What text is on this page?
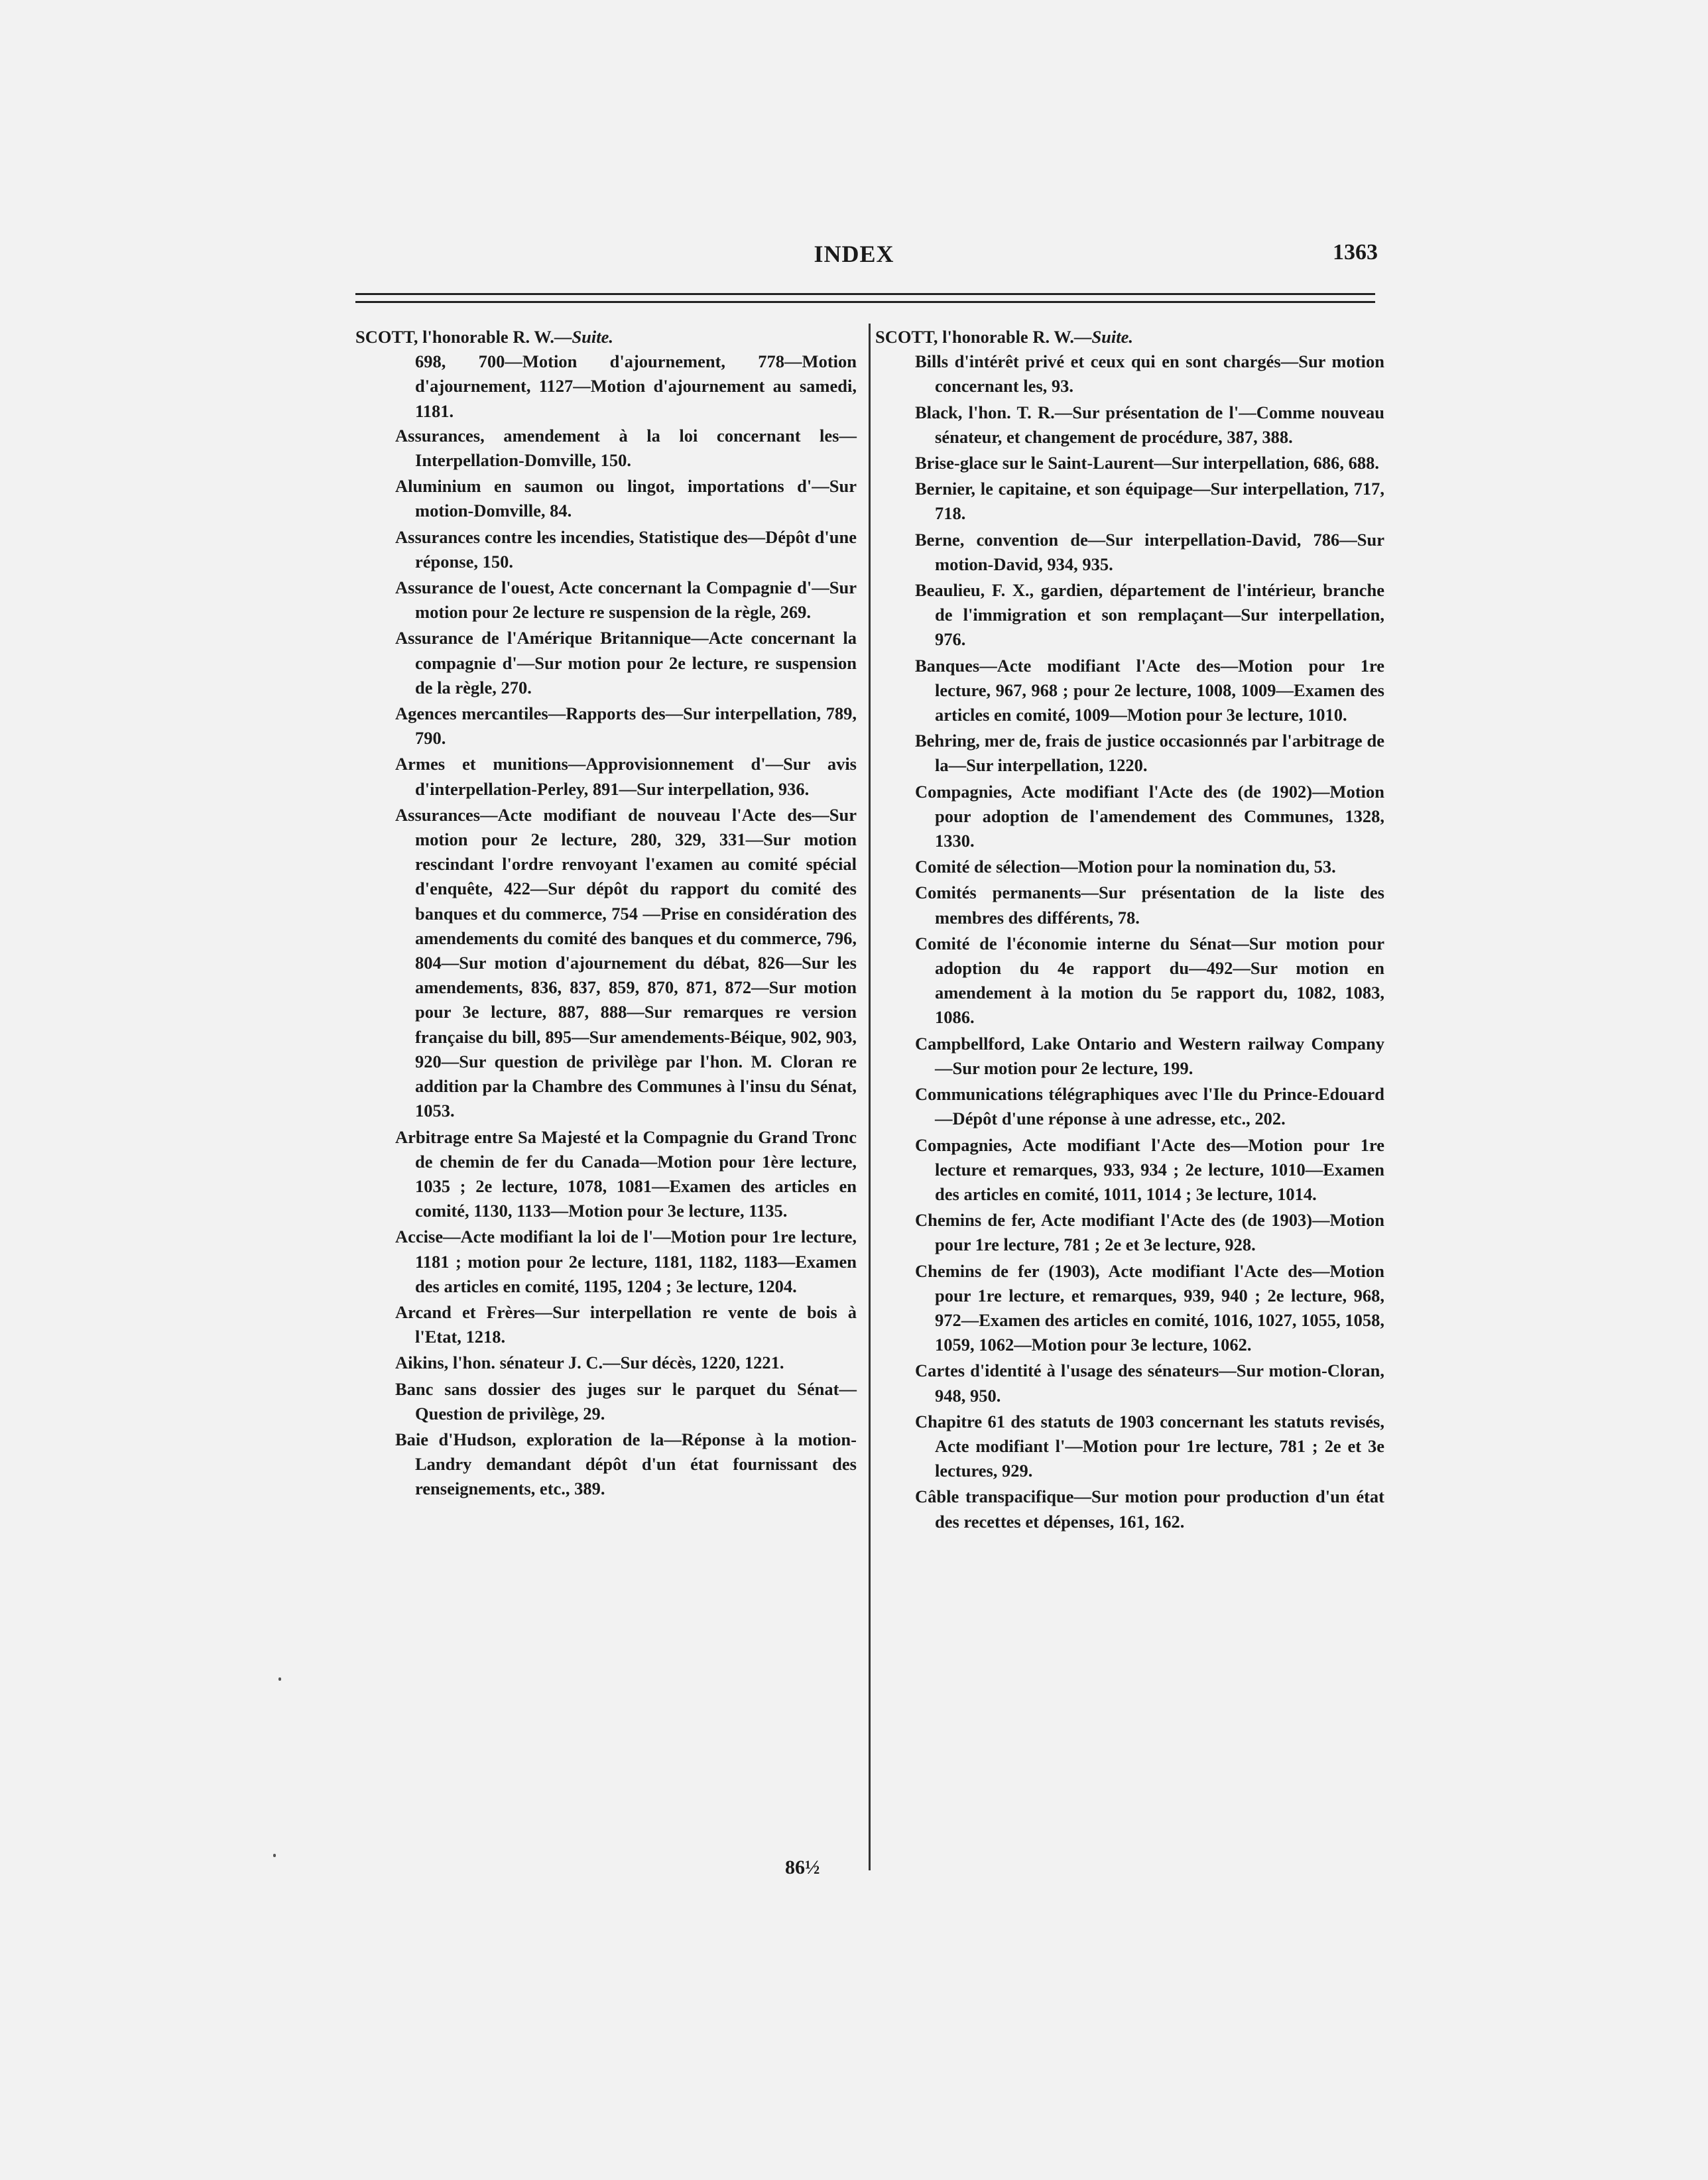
INDEX	1363
SCOTT, l'honorable R. W.—Suite.
698, 700—Motion d'ajournement, 778—Motion d'ajournement, 1127—Motion d'ajournement au samedi, 1181.
Assurances, amendement à la loi concernant les—Interpellation-Domville, 150.
Aluminium en saumon ou lingot, importations d'—Sur motion-Domville, 84.
Assurances contre les incendies, Statistique des—Dépôt d'une réponse, 150.
Assurance de l'ouest, Acte concernant la Compagnie d'—Sur motion pour 2e lecture re suspension de la règle, 269.
Assurance de l'Amérique Britannique—Acte concernant la compagnie d'—Sur motion pour 2e lecture, re suspension de la règle, 270.
Agences mercantiles—Rapports des—Sur interpellation, 789, 790.
Armes et munitions—Approvisionnement d'—Sur avis d'interpellation-Perley, 891—Sur interpellation, 936.
Assurances—Acte modifiant de nouveau l'Acte des—Sur motion pour 2e lecture, 280, 329, 331—Sur motion rescindant l'ordre renvoyant l'examen au comité spécial d'enquête, 422—Sur dépôt du rapport du comité des banques et du commerce, 754 —Prise en considération des amendements du comité des banques et du commerce, 796, 804—Sur motion d'ajournement du débat, 826—Sur les amendements, 836, 837, 859, 870, 871, 872—Sur motion pour 3e lecture, 887, 888—Sur remarques re version française du bill, 895—Sur amendements-Béique, 902, 903, 920—Sur question de privilège par l'hon. M. Cloran re addition par la Chambre des Communes à l'insu du Sénat, 1053.
Arbitrage entre Sa Majesté et la Compagnie du Grand Tronc de chemin de fer du Canada—Motion pour 1ère lecture, 1035 ; 2e lecture, 1078, 1081—Examen des articles en comité, 1130, 1133—Motion pour 3e lecture, 1135.
Accise—Acte modifiant la loi de l'—Motion pour 1re lecture, 1181 ; motion pour 2e lecture, 1181, 1182, 1183—Examen des articles en comité, 1195, 1204 ; 3e lecture, 1204.
Arcand et Frères—Sur interpellation re vente de bois à l'Etat, 1218.
Aikins, l'hon. sénateur J. C.—Sur décès, 1220, 1221.
Banc sans dossier des juges sur le parquet du Sénat—Question de privilège, 29.
Baie d'Hudson, exploration de la—Réponse à la motion-Landry demandant dépôt d'un état fournissant des renseignements, etc., 389.
SCOTT, l'honorable R. W.—Suite.
Bills d'intérêt privé et ceux qui en sont chargés—Sur motion concernant les, 93.
Black, l'hon. T. R.—Sur présentation de l'—Comme nouveau sénateur, et changement de procédure, 387, 388.
Brise-glace sur le Saint-Laurent—Sur interpellation, 686, 688.
Bernier, le capitaine, et son équipage—Sur interpellation, 717, 718.
Berne, convention de—Sur interpellation-David, 786—Sur motion-David, 934, 935.
Beaulieu, F. X., gardien, département de l'intérieur, branche de l'immigration et son remplaçant—Sur interpellation, 976.
Banques—Acte modifiant l'Acte des—Motion pour 1re lecture, 967, 968 ; pour 2e lecture, 1008, 1009—Examen des articles en comité, 1009—Motion pour 3e lecture, 1010.
Behring, mer de, frais de justice occasionnés par l'arbitrage de la—Sur interpellation, 1220.
Compagnies, Acte modifiant l'Acte des (de 1902)—Motion pour adoption de l'amendement des Communes, 1328, 1330.
Comité de sélection—Motion pour la nomination du, 53.
Comités permanents—Sur présentation de la liste des membres des différents, 78.
Comité de l'économie interne du Sénat—Sur motion pour adoption du 4e rapport du—492—Sur motion en amendement à la motion du 5e rapport du, 1082, 1083, 1086.
Campbellford, Lake Ontario and Western railway Company—Sur motion pour 2e lecture, 199.
Communications télégraphiques avec l'Ile du Prince-Edouard—Dépôt d'une réponse à une adresse, etc., 202.
Compagnies, Acte modifiant l'Acte des—Motion pour 1re lecture et remarques, 933, 934 ; 2e lecture, 1010—Examen des articles en comité, 1011, 1014 ; 3e lecture, 1014.
Chemins de fer, Acte modifiant l'Acte des (de 1903)—Motion pour 1re lecture, 781 ; 2e et 3e lecture, 928.
Chemins de fer (1903), Acte modifiant l'Acte des—Motion pour 1re lecture, et remarques, 939, 940 ; 2e lecture, 968, 972—Examen des articles en comité, 1016, 1027, 1055, 1058, 1059, 1062—Motion pour 3e lecture, 1062.
Cartes d'identité à l'usage des sénateurs—Sur motion-Cloran, 948, 950.
Chapitre 61 des statuts de 1903 concernant les statuts revisés, Acte modifiant l'—Motion pour 1re lecture, 781 ; 2e et 3e lectures, 929.
Câble transpacifique—Sur motion pour production d'un état des recettes et dépenses, 161, 162.
86½
